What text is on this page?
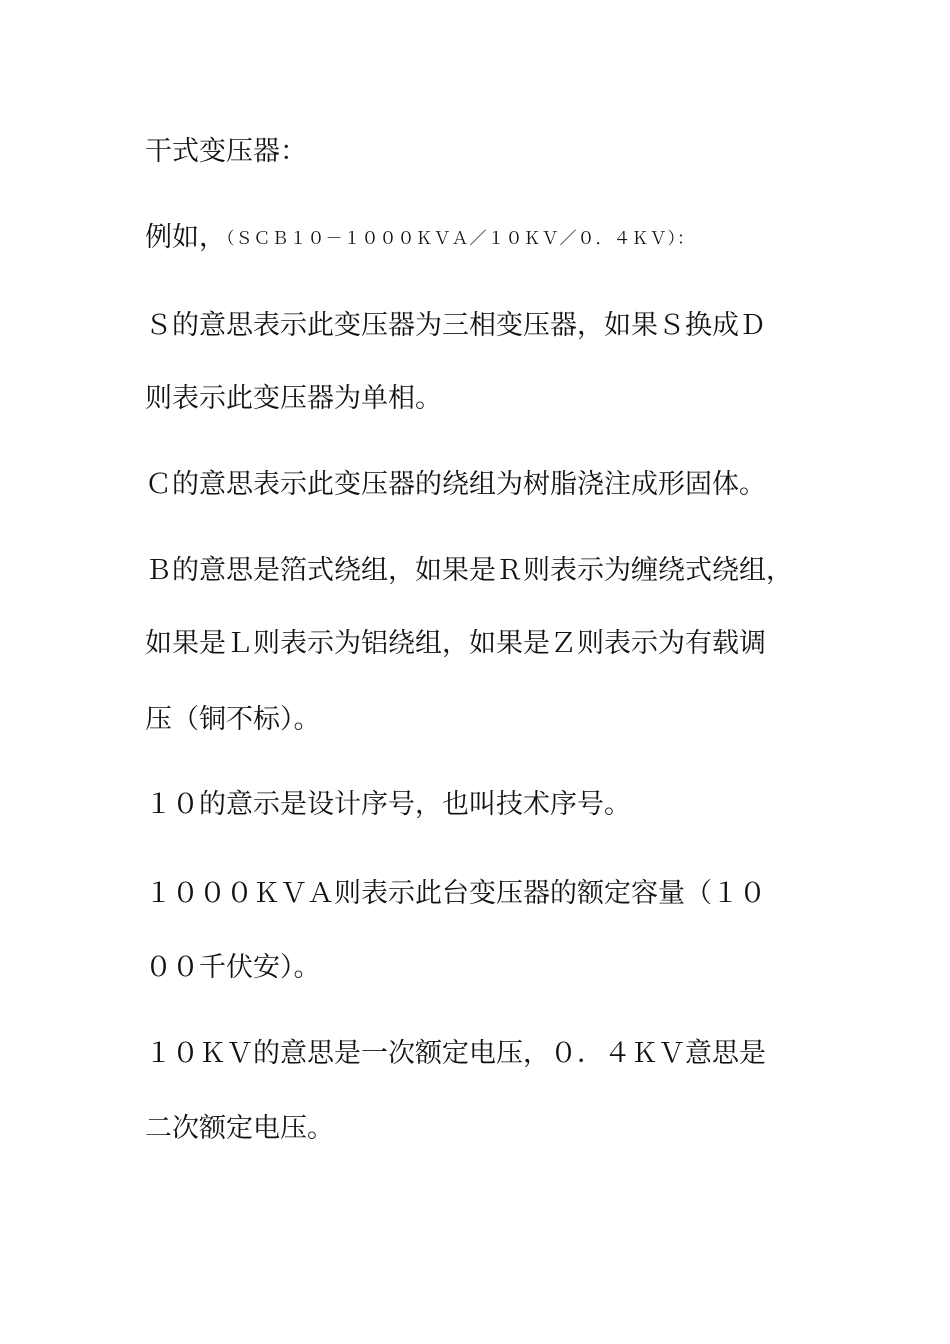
干式变压器：
例如，（ＳＣＢ１０－１０００ＫＶＡ／１０ＫＶ／０．４ＫＶ）：
Ｓ的意思表示此变压器为三相变压器，如果Ｓ换成Ｄ
则表示此变压器为单相。
Ｃ的意思表示此变压器的绕组为树脂浇注成形固体。
Ｂ的意思是箔式绕组，如果是Ｒ则表示为缠绕式绕组，
如果是Ｌ则表示为铝绕组，如果是Ｚ则表示为有载调
压（铜不标）。
１０的意示是设计序号，也叫技术序号。
１０００ＫＶＡ则表示此台变压器的额定容量（１０
００千伏安）。
１０ＫＶ的意思是一次额定电压，０．４ＫＶ意思是
二次额定电压。
